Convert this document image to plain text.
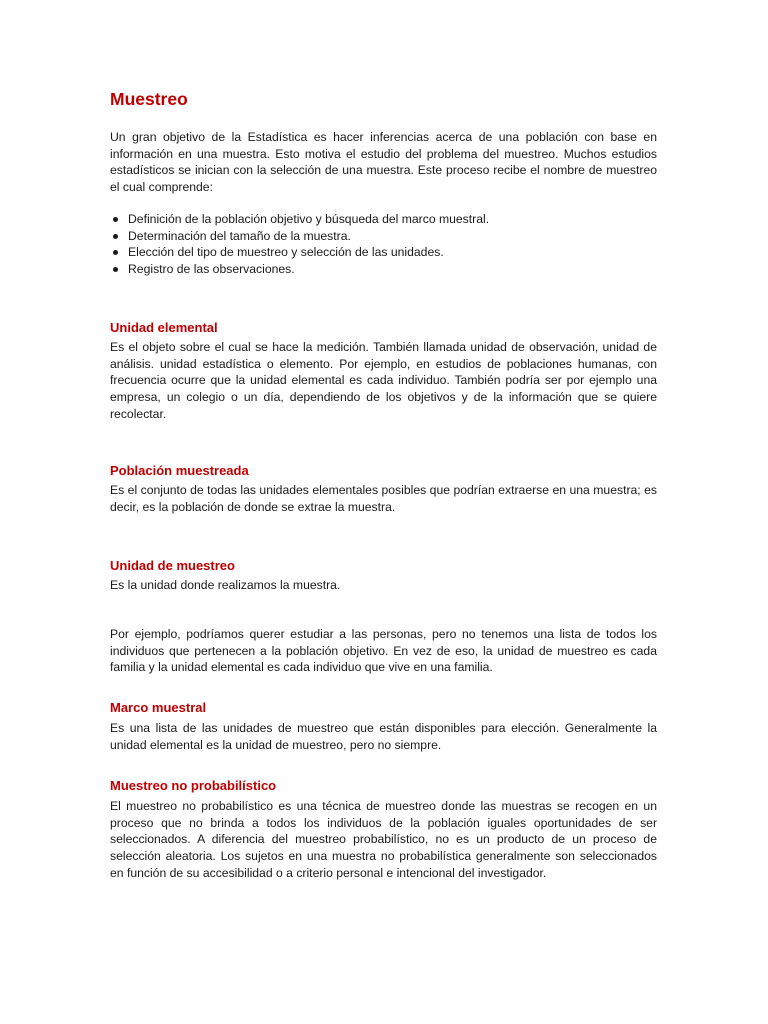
Muestreo

Un gran objetivo de la Estadística es hacer inferencias acerca de una población con base en información en una muestra. Esto motiva el estudio del problema del muestreo. Muchos estudios estadísticos se inician con la selección de una muestra. Este proceso recibe el nombre de muestreo el cual comprende:

Definición de la población objetivo y búsqueda del marco muestral.
Determinación del tamaño de la muestra.
Elección del tipo de muestreo y selección de las unidades.
Registro de las observaciones.
Unidad elemental

Es el objeto sobre el cual se hace la medición. También llamada unidad de observación, unidad de análisis. unidad estadística o elemento. Por ejemplo, en estudios de poblaciones humanas, con frecuencia ocurre que la unidad elemental es cada individuo. También podría ser por ejemplo una empresa, un colegio o un día, dependiendo de los objetivos y de la información que se quiere recolectar.

Población muestreada

Es el conjunto de todas las unidades elementales posibles que podrían extraerse en una muestra; es decir, es la población de donde se extrae la muestra.

Unidad de muestreo

Es la unidad donde realizamos la muestra.

Por ejemplo, podríamos querer estudiar a las personas, pero no tenemos una lista de todos los individuos que pertenecen a la población objetivo. En vez de eso, la unidad de muestreo es cada familia y la unidad elemental es cada individuo que vive en una familia.

Marco muestral

Es una lista de las unidades de muestreo que están disponibles para elección. Generalmente la unidad elemental es la unidad de muestreo, pero no siempre.

Muestreo no probabilístico

El muestreo no probabilístico es una técnica de muestreo donde las muestras se recogen en un proceso que no brinda a todos los individuos de la población iguales oportunidades de ser seleccionados. A diferencia del muestreo probabilístico, no es un producto de un proceso de selección aleatoria. Los sujetos en una muestra no probabilística generalmente son seleccionados en función de su accesibilidad o a criterio personal e intencional del investigador.
